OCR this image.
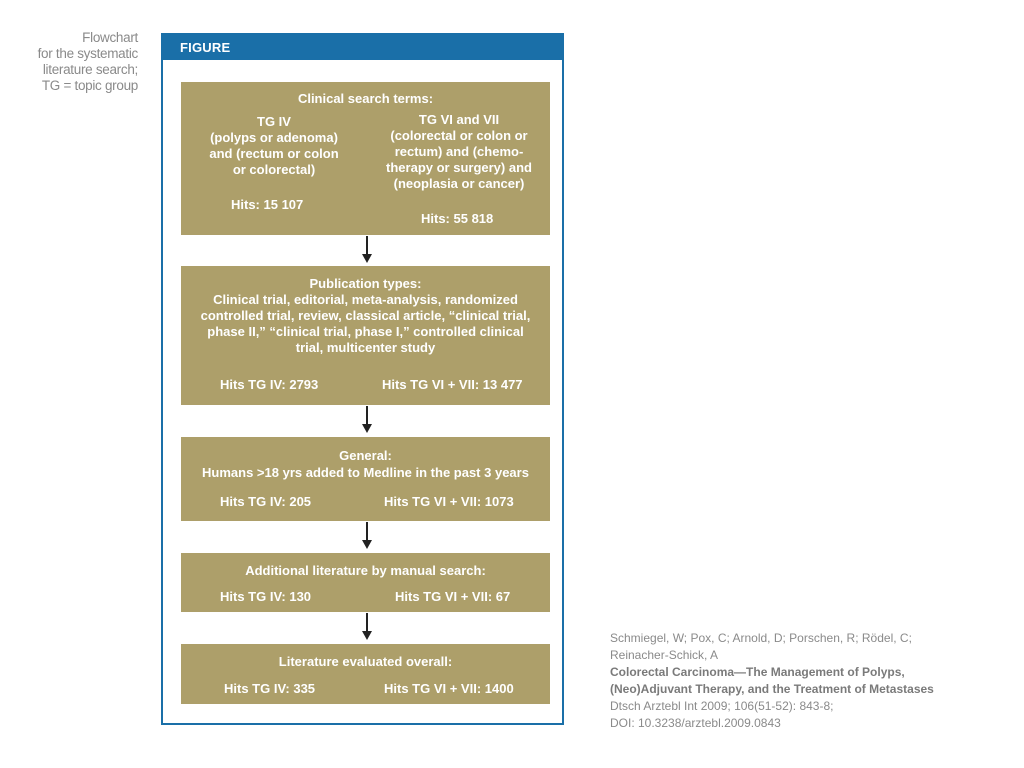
Flowchart
for the systematic
literature search;
TG = topic group
FIGURE
Clinical search terms:
TG IV
(polyps or adenoma)
and (rectum or colon
or colorectal)
Hits: 15 107
TG VI and VII
(colorectal or colon or
rectum) and (chemo-
therapy or surgery) and
(neoplasia or cancer)
Hits: 55 818
Publication types:
Clinical trial, editorial, meta-analysis, randomized
controlled trial, review, classical article, “clinical trial,
phase II,” “clinical trial, phase I,” controlled clinical
trial, multicenter study
Hits TG IV: 2793	Hits TG VI + VII: 13 477
General:
Humans >18 yrs added to Medline in the past 3 years
Hits TG IV: 205	Hits TG VI + VII: 1073
Additional literature by manual search:
Hits TG IV: 130	Hits TG VI + VII: 67
Literature evaluated overall:
Hits TG IV: 335	Hits TG VI + VII: 1400
Schmiegel, W; Pox, C; Arnold, D; Porschen, R; Rödel, C;
Reinacher-Schick, A
Colorectal Carcinoma—The Management of Polyps,
(Neo)Adjuvant Therapy, and the Treatment of Metastases
Dtsch Arztebl Int 2009; 106(51-52): 843-8;
DOI: 10.3238/arztebl.2009.0843
